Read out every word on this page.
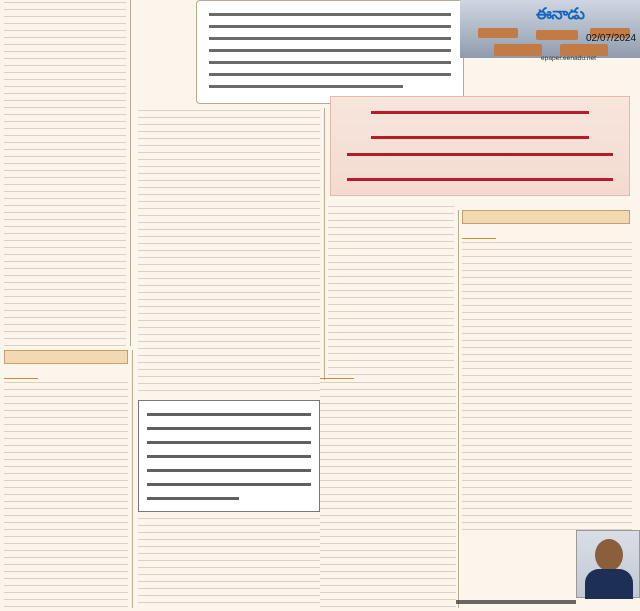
ఈనాడు
02/07/2024
epaper.eenadu.net
